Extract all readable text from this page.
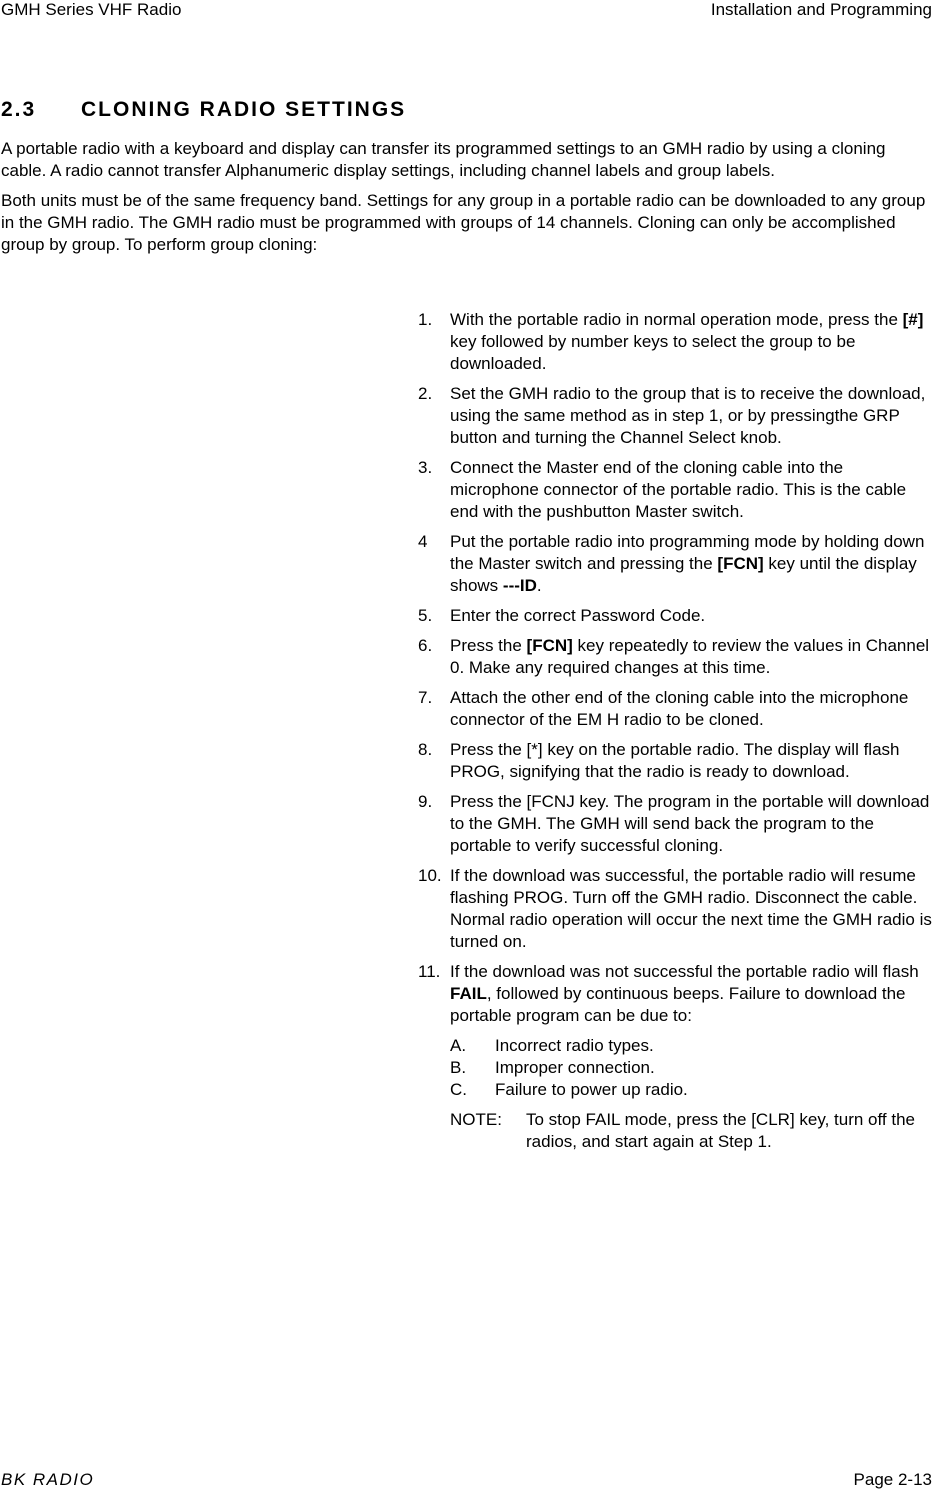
GMH Series VHF Radio	Installation and Programming
2.3 CLONING RADIO SETTINGS

A portable radio with a keyboard and display can transfer its programmed settings to an GMH radio by using a cloning cable. A radio cannot transfer Alphanumeric display settings, including channel labels and group labels.

Both units must be of the same frequency band. Settings for any group in a portable radio can be downloaded to any group in the GMH radio. The GMH radio must be programmed with groups of 14 channels. Cloning can only be accomplished group by group. To perform group cloning:

1. With the portable radio in normal operation mode, press the [#] key followed by number keys to select the group to be downloaded.
2. Set the GMH radio to the group that is to receive the download, using the same method as in step 1, or by pressingthe GRP button and turning the Channel Select knob.
3. Connect the Master end of the cloning cable into the microphone connector of the portable radio. This is the cable end with the pushbutton Master switch.
4 Put the portable radio into programming mode by holding down the Master switch and pressing the [FCN] key until the display shows ---ID.
5. Enter the correct Password Code.
6. Press the [FCN] key repeatedly to review the values in Channel 0. Make any required changes at this time.
7. Attach the other end of the cloning cable into the microphone connector of the EM H radio to be cloned.
8. Press the [*] key on the portable radio. The display will flash PROG, signifying that the radio is ready to download.
9. Press the [FCNJ key. The program in the portable will download to the GMH. The GMH will send back the program to the portable to verify successful cloning.
10. If the download was successful, the portable radio will resume flashing PROG. Turn off the GMH radio. Disconnect the cable. Normal radio operation will occur the next time the GMH radio is turned on.
11. If the download was not successful the portable radio will flash FAIL, followed by continuous beeps. Failure to download the portable program can be due to:
A. Incorrect radio types.
B. Improper connection.
C. Failure to power up radio.
NOTE: To stop FAIL mode, press the [CLR] key, turn off the radios, and start again at Step 1.
BK RADIO	Page 2-13
